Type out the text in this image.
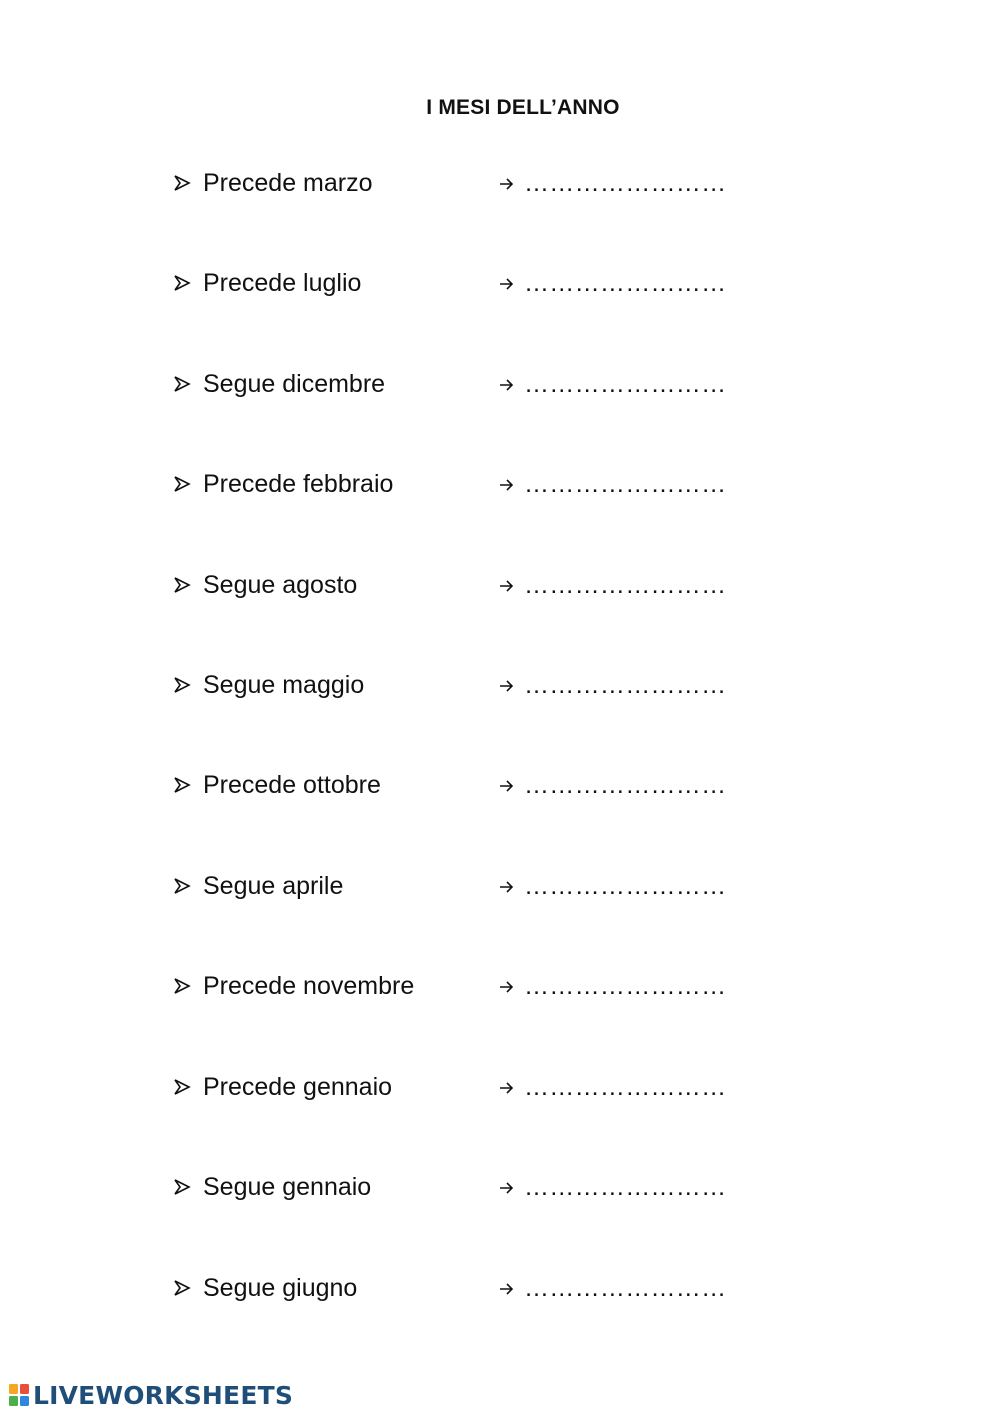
I MESI DELL’ANNO
Precede marzo	……………………
Precede luglio	……………………
Segue dicembre	……………………
Precede febbraio	……………………
Segue agosto	……………………
Segue maggio	……………………
Precede ottobre	……………………
Segue aprile	……………………
Precede novembre	……………………
Precede gennaio	……………………
Segue gennaio	……………………
Segue giugno	……………………
LIVEWORKSHEETS
